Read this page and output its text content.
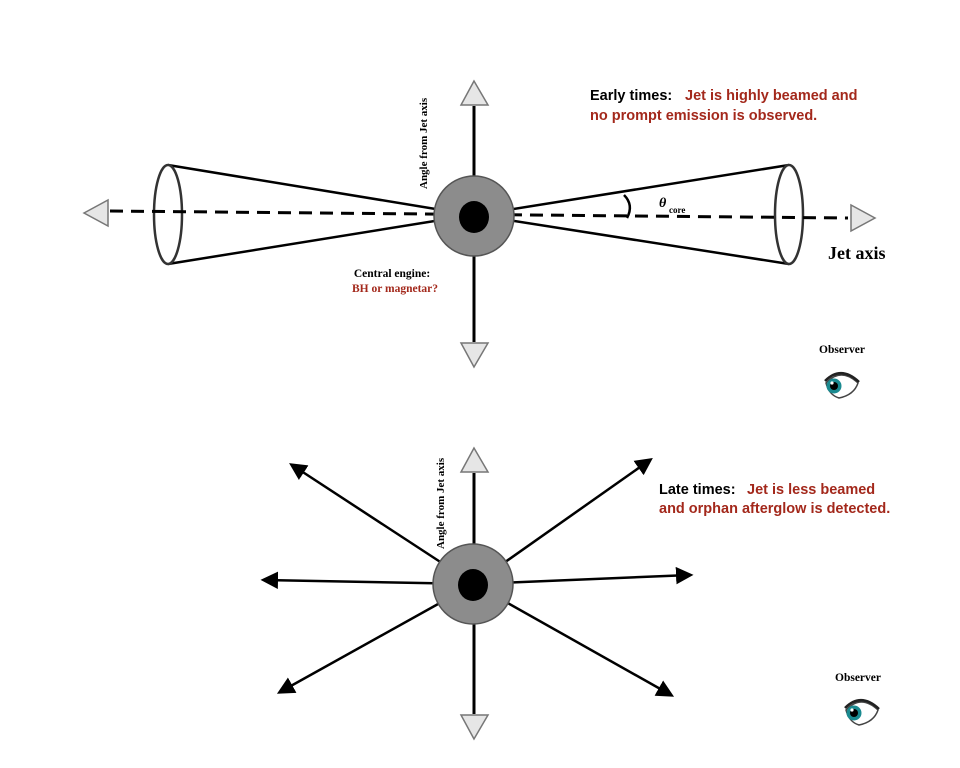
Early times: Jet is highly beamed and
no prompt emission is observed.
Angle from Jet axis
Jet axis
θ core
Central engine:
BH or magnetar?
Observer
Late times: Jet is less beamed
and orphan afterglow is detected.
Angle from Jet axis
Observer
